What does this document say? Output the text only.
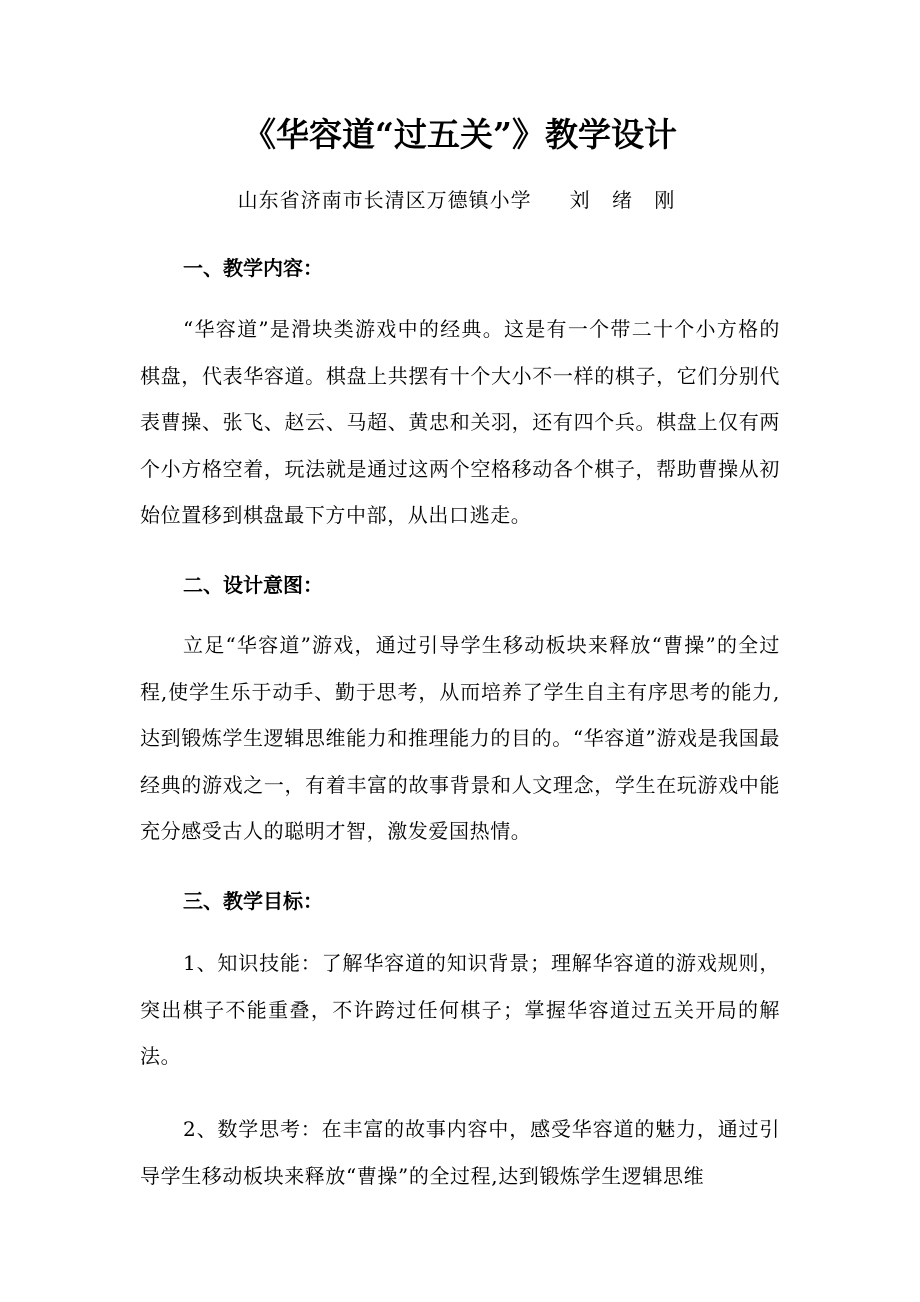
《华容道“过五关”》教学设计

山东省济南市长清区万德镇小学 刘 绪 刚

一、教学内容：

“华容道”是滑块类游戏中的经典。这是有一个带二十个小方格的棋盘，代表华容道。棋盘上共摆有十个大小不一样的棋子，它们分别代表曹操、张飞、赵云、马超、黄忠和关羽，还有四个兵。棋盘上仅有两个小方格空着，玩法就是通过这两个空格移动各个棋子，帮助曹操从初始位置移到棋盘最下方中部，从出口逃走。

二、设计意图：

立足“华容道”游戏，通过引导学生移动板块来释放“曹操”的全过程,使学生乐于动手、勤于思考，从而培养了学生自主有序思考的能力,达到锻炼学生逻辑思维能力和推理能力的目的。“华容道”游戏是我国最经典的游戏之一，有着丰富的故事背景和人文理念，学生在玩游戏中能充分感受古人的聪明才智，激发爱国热情。

三、教学目标：

1、知识技能：了解华容道的知识背景；理解华容道的游戏规则，突出棋子不能重叠，不许跨过任何棋子；掌握华容道过五关开局的解法。

2、数学思考：在丰富的故事内容中，感受华容道的魅力，通过引导学生移动板块来释放“曹操”的全过程,达到锻炼学生逻辑思维
